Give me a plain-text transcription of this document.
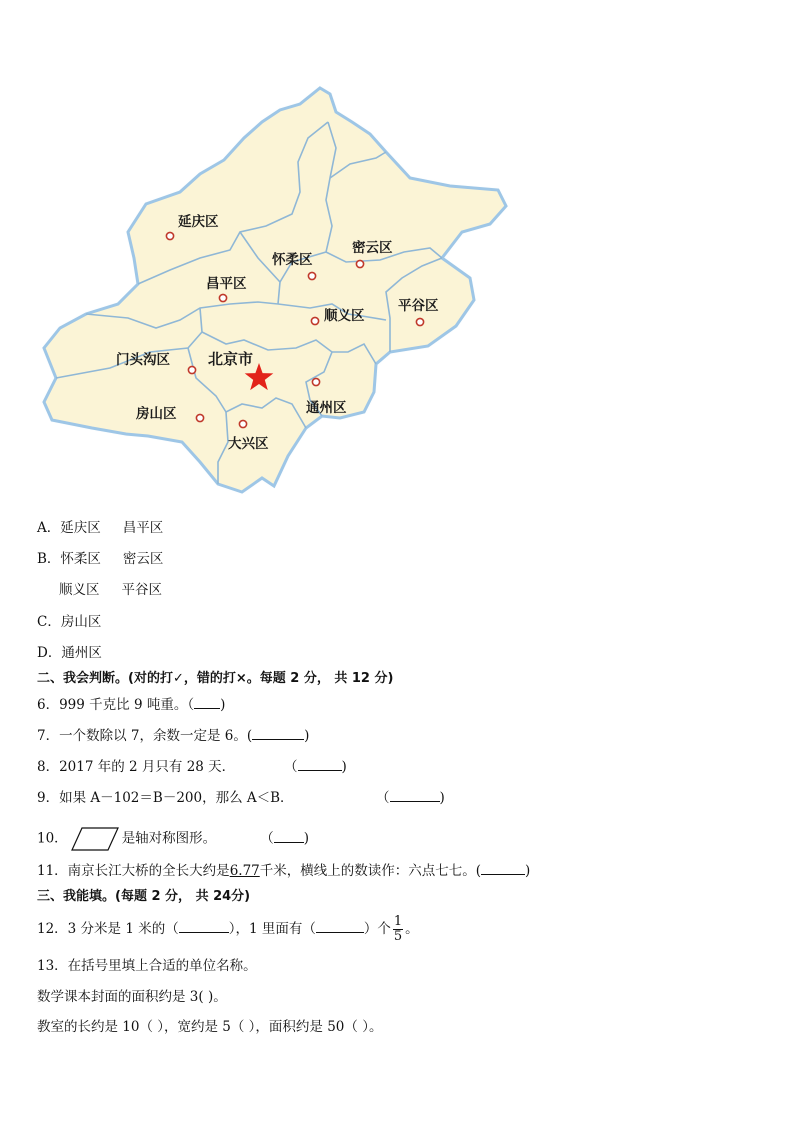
延庆区
怀柔区
密云区
昌平区
顺义区
平谷区
门头沟区
通州区
房山区
大兴区
北京市
A．延庆区 昌平区
B．怀柔区 密云区
顺义区 平谷区
C．房山区
D．通州区
二、我会判断。(对的打✓，错的打×。每题 2 分， 共 12 分)
6．999 千克比 9 吨重。（ )
7．一个数除以 7，余数一定是 6。(	)
8．2017 年的 2 月只有 28 天．	（	)
9．如果 A－102＝B－200，那么 A＜B．	（	)
10．	是轴对称图形。	（ )
11．南京长江大桥的全长大约是6.77千米，横线上的数读作：六点七七。(	)
三、我能填。(每题 2 分， 共 24分)
12．3 分米是 1 米的（	），1 里面有（	）个 $\frac{1}{5}$ 。
13．在括号里填上合适的单位名称。
数学课本封面的面积约是 3( )。
教室的长约是 10（ ），宽约是 5（ ），面积约是 50（ ）。
